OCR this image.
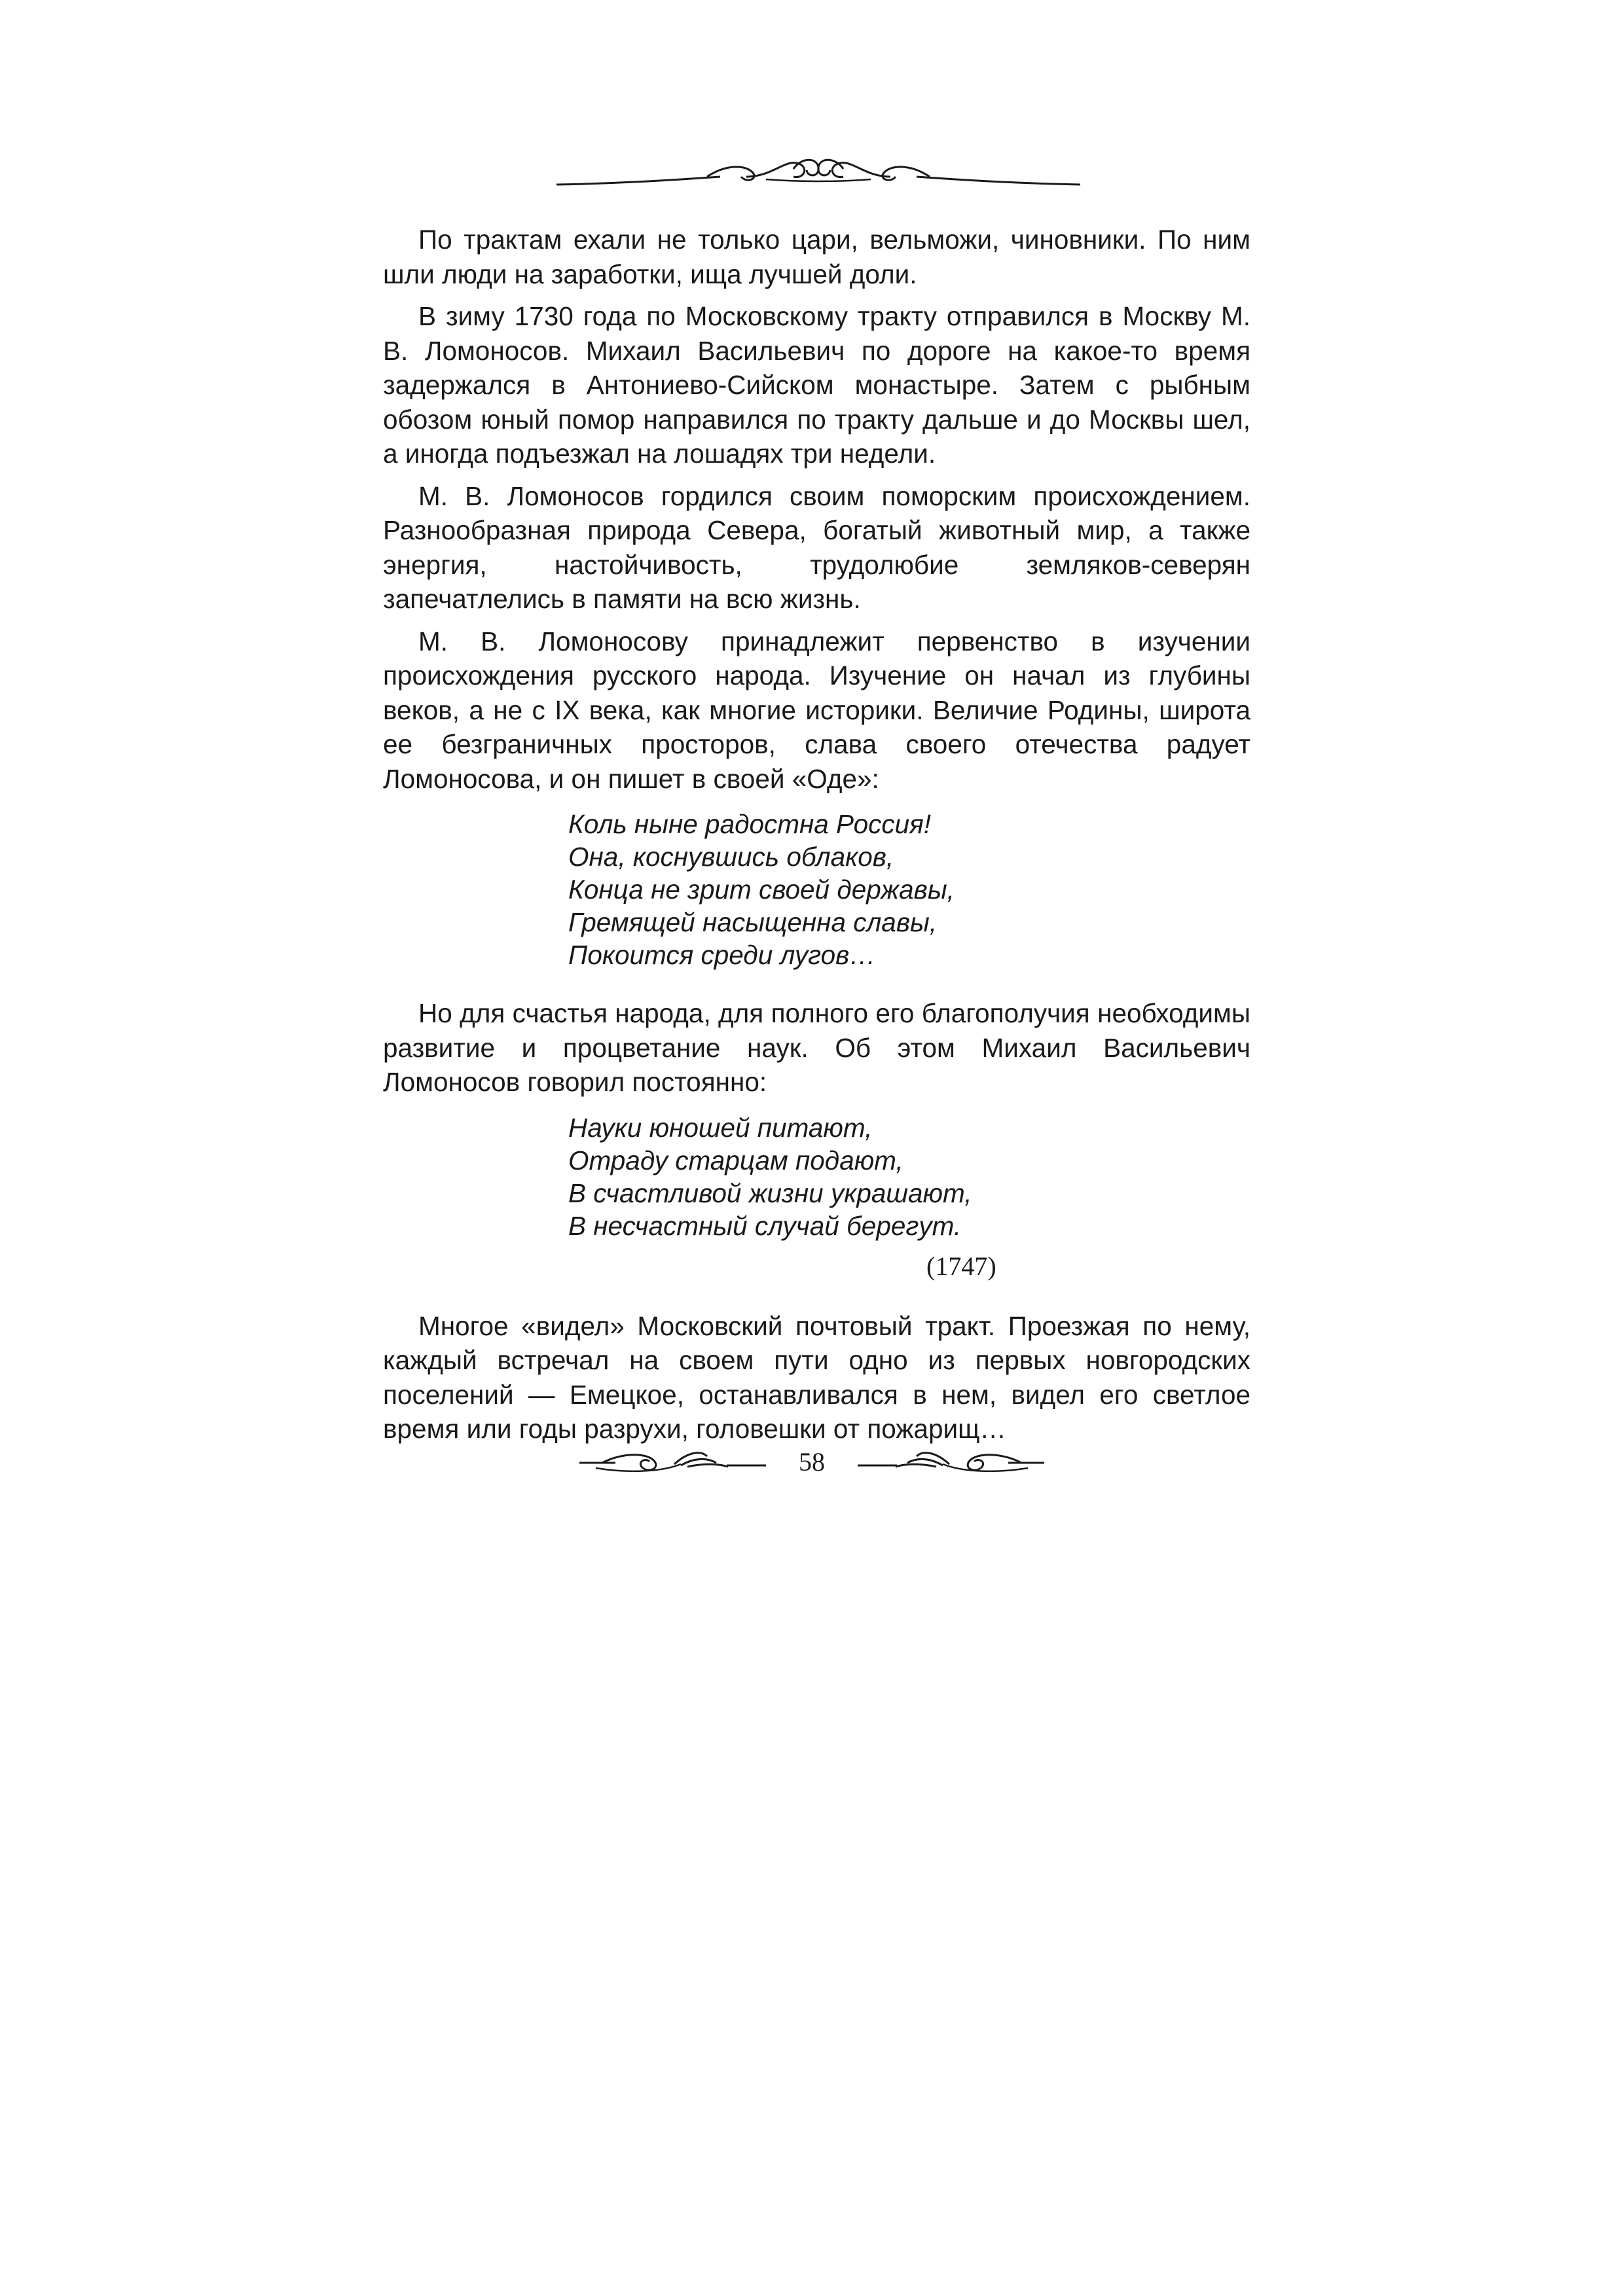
По трактам ехали не только цари, вельможи, чиновники. По ним шли люди на заработки, ища лучшей доли.

В зиму 1730 года по Московскому тракту отправился в Москву М. В. Ломоносов. Михаил Васильевич по дороге на какое-то время задержался в Антониево-Сийском монастыре. Затем с рыбным обозом юный помор направился по тракту дальше и до Москвы шел, а иногда подъезжал на лошадях три недели.

М. В. Ломоносов гордился своим поморским происхождением. Разнообразная природа Севера, богатый животный мир, а также энергия, настойчивость, трудолюбие земляков-северян запечатлелись в памяти на всю жизнь.

М. В. Ломоносову принадлежит первенство в изучении происхождения русского народа. Изучение он начал из глубины веков, а не с IX века, как многие историки. Величие Родины, широта ее безграничных просторов, слава своего отечества радует Ломоносова, и он пишет в своей «Оде»:

Коль ныне радостна Россия!
Она, коснувшись облаков,
Конца не зрит своей державы,
Гремящей насыщенна славы,
Покоится среди лугов…

Но для счастья народа, для полного его благополучия необходимы развитие и процветание наук. Об этом Михаил Васильевич Ломоносов говорил постоянно:

Науки юношей питают,
Отраду старцам подают,
В счастливой жизни украшают,
В несчастный случай берегут.
(1747)

Многое «видел» Московский почтовый тракт. Проезжая по нему, каждый встречал на своем пути одно из первых новгородских поселений — Емецкое, останавливался в нем, видел его светлое время или годы разрухи, головешки от пожарищ…

58
